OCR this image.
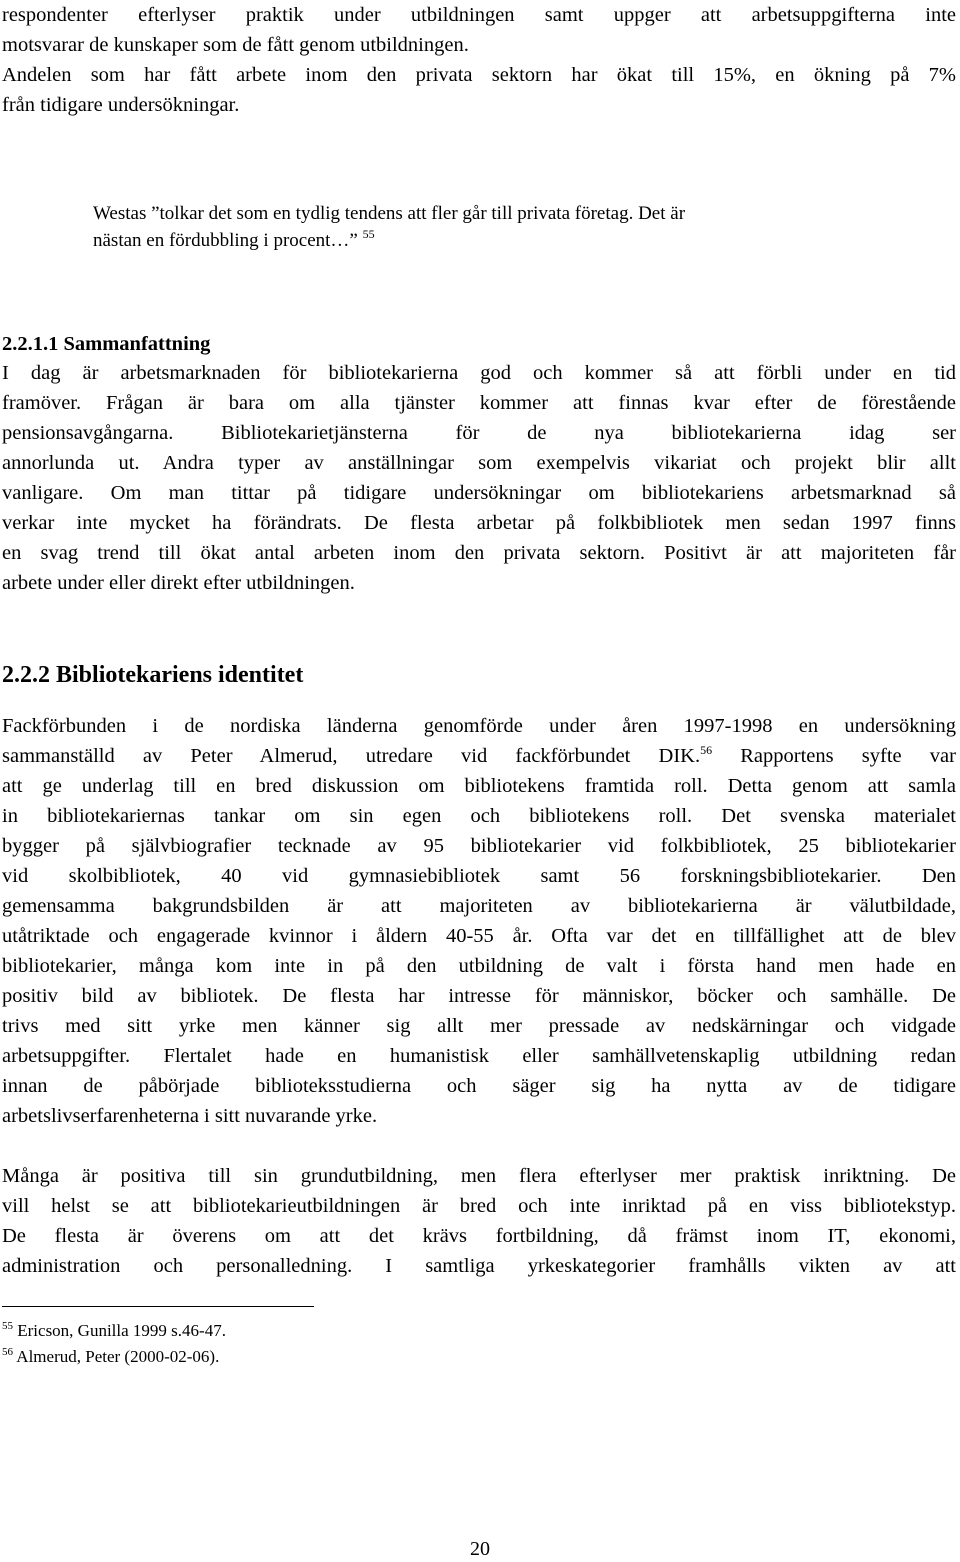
respondenter efterlyser praktik under utbildningen samt uppger att arbetsuppgifterna inte
motsvarar de kunskaper som de fått genom utbildningen.
Andelen som har fått arbete inom den privata sektorn har ökat till 15%, en ökning på 7%
från tidigare undersökningar.
Westas ”tolkar det som en tydlig tendens att fler går till privata företag. Det är
nästan en fördubbling i procent…” $^{55}$
2.2.1.1 Sammanfattning
I dag är arbetsmarknaden för bibliotekarierna god och kommer så att förbli under en tid
framöver. Frågan är bara om alla tjänster kommer att finnas kvar efter de förestående
pensionsavgångarna. Bibliotekarietjänsterna för de nya bibliotekarierna idag ser
annorlunda ut. Andra typer av anställningar som exempelvis vikariat och projekt blir allt
vanligare. Om man tittar på tidigare undersökningar om bibliotekariens arbetsmarknad så
verkar inte mycket ha förändrats. De flesta arbetar på folkbibliotek men sedan 1997 finns
en svag trend till ökat antal arbeten inom den privata sektorn. Positivt är att majoriteten får
arbete under eller direkt efter utbildningen.
2.2.2 Bibliotekariens identitet
Fackförbunden i de nordiska länderna genomförde under åren 1997-1998 en undersökning
sammanställd av Peter Almerud, utredare vid fackförbundet DIK.$^{56}$ Rapportens syfte var
att ge underlag till en bred diskussion om bibliotekens framtida roll. Detta genom att samla
in bibliotekariernas tankar om sin egen och bibliotekens roll. Det svenska materialet
bygger på självbiografier tecknade av 95 bibliotekarier vid folkbibliotek, 25 bibliotekarier
vid skolbibliotek, 40 vid gymnasiebibliotek samt 56 forskningsbibliotekarier. Den
gemensamma bakgrundsbilden är att majoriteten av bibliotekarierna är välutbildade,
utåtriktade och engagerade kvinnor i åldern 40-55 år. Ofta var det en tillfällighet att de blev
bibliotekarier, många kom inte in på den utbildning de valt i första hand men hade en
positiv bild av bibliotek. De flesta har intresse för människor, böcker och samhälle. De
trivs med sitt yrke men känner sig allt mer pressade av nedskärningar och vidgade
arbetsuppgifter. Flertalet hade en humanistisk eller samhällvetenskaplig utbildning redan
innan de påbörjade biblioteksstudierna och säger sig ha nytta av de tidigare
arbetslivserfarenheterna i sitt nuvarande yrke.
Många är positiva till sin grundutbildning, men flera efterlyser mer praktisk inriktning. De
vill helst se att bibliotekarieutbildningen är bred och inte inriktad på en viss bibliotekstyp.
De flesta är överens om att det krävs fortbildning, då främst inom IT, ekonomi,
administration och personalledning. I samtliga yrkeskategorier framhålls vikten av att
$^{55}$ Ericson, Gunilla 1999 s.46-47.
$^{56}$ Almerud, Peter (2000-02-06).
20
